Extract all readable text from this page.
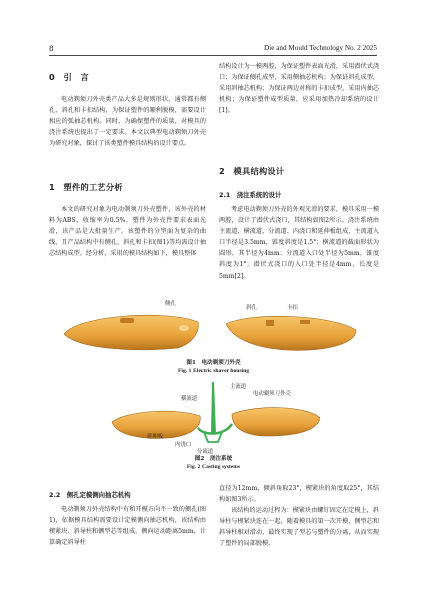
8	Die and Mould Technology No. 2 2025
0　引　言

电动剃须刀外壳类产品大多是规则形状，通常都有侧孔、斜孔和卡扣结构，为保证塑件的顺利脱模，需要设计相应的弧抽芯机构。同时，为确保塑件的质量，对模具的浇注系统也提出了一定要求。本文以典型电动剃须刀外壳为研究对象，探讨了该类塑件模具结构的设计要点。

1　塑件的工艺分析

本文的研究对象为电动剃须刀外壳塑件，该外壳的材料为ABS，收缩率为0.5%，塑件为外壳件要求表面光滑，该产品是大批量生产。该塑件的分型面为复杂的曲线，且产品结构中有侧孔、斜孔和卡扣(图1)等均需设计抽芯结构成型。经分析，采用的模具结构如下，模具整体

结构设计为一模两腔，为保证塑件表面光滑，采用潜伏式浇口；为保证侧孔成型，采用侧抽芯机构；为保证斜孔成型，采用斜抽芯机构；为保证两边对称的卡扣成型，采用内抽芯机构；为保证塑件成型质量，应采用加热冷却系统的设计[1]。

2　模具结构设计
2.1　浇注系统的设计

考虑电动剃须刀外壳的外观光滑的要求，模具采用一模两腔，设计了潜伏式浇口，其结构如图2所示。浇注系统由主流道、横流道、分流道、内浇口和延伸板组成，主流道入口半径是3.5mm，锥度斜度是1.5°；横流道的截面形状为圆形，其半径为4mm；分流道入口处半径为5mm，锥度斜度为1°；潜伏式浇口的入口处半径是4mm，长度是5mm[2]。

侧孔
斜孔	卡扣
图1　电动剃须刀外壳
Fig. 1 Electric shaver housing
主流道
电动剃须刀外壳
横流道
延伸板
内浇口
分流道
图2　浇注系统
Fig. 2 Casting systems
2.2　侧孔定模侧向抽芯机构

电动剃须刀外壳结构中有和开模方向不一致的侧孔(图1)，依据模具结构需要设计定模侧向抽芯机构，该结构由楔紧块、斜导柱和侧型芯等组成。侧向运动距离5mm，计算确定斜导柱

直径为12mm，倾斜角取23°，楔紧块的角度取25°，其结构如图3所示。

该结构的运动过程为：楔紧块由螺钉固定在定模上，斜导柱与楔紧块连在一起，随着模具的第一次开模，侧型芯和斜导柱相对滑动，最终实现了型芯与塑件的分离，从而实现了塑件的局部脱模。
